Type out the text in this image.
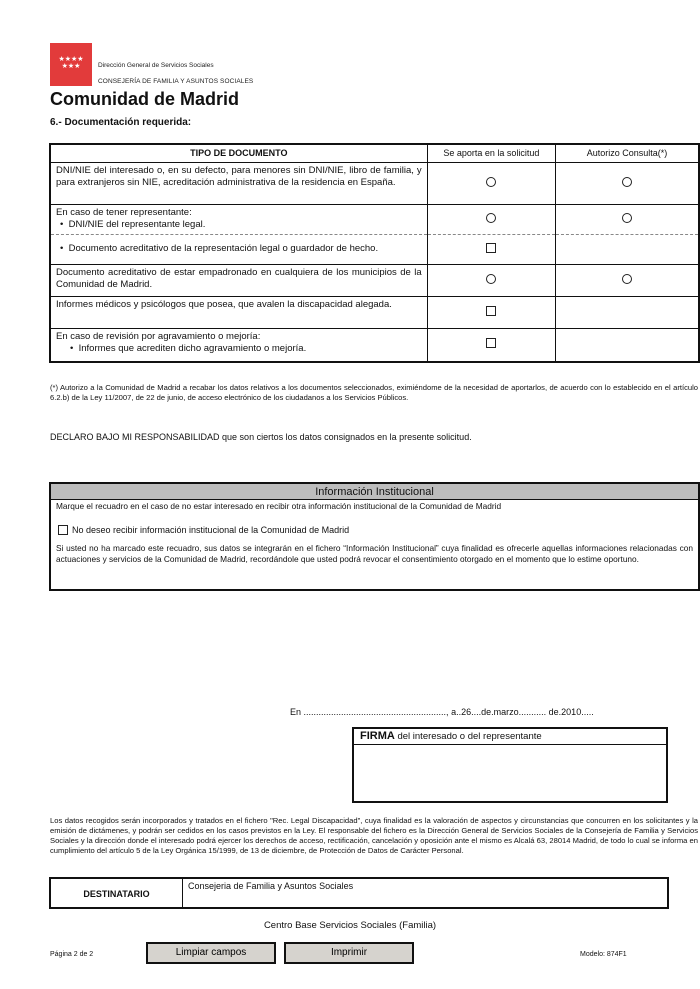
★★★★
★★★	Dirección General de Servicios Sociales
CONSEJERÍA DE FAMILIA Y ASUNTOS SOCIALES
Comunidad de Madrid
6.- Documentación requerida:
TIPO DE DOCUMENTO	Se aporta en la solicitud	Autorizo Consulta(*)
DNI/NIE del interesado o, en su defecto, para menores sin DNI/NIE, libro de familia, y para extranjeros sin NIE, acreditación administrativa de la residencia en España.		

En caso de tener representante:
• DNI/NIE del representante legal.		

• Documento acreditativo de la representación legal o guardador de hecho.		

Documento acreditativo de estar empadronado en cualquiera de los municipios de la Comunidad de Madrid.		
Informes médicos y psicólogos que posea, que avalen la discapacidad alegada.		

En caso de revisión por agravamiento o mejoría:
• Informes que acrediten dicho agravamiento o mejoría.		

(*) Autorizo a la Comunidad de Madrid a recabar los datos relativos a los documentos seleccionados, eximiéndome de la necesidad de aportarlos, de acuerdo con lo establecido en el artículo 6.2.b) de la Ley 11/2007, de 22 de junio, de acceso electrónico de los ciudadanos a los Servicios Públicos.
DECLARO BAJO MI RESPONSABILIDAD que son ciertos los datos consignados en la presente solicitud.
Información Institucional
Marque el recuadro en el caso de no estar interesado en recibir otra información institucional de la Comunidad de Madrid
No deseo recibir información institucional de la Comunidad de Madrid
Si usted no ha marcado este recuadro, sus datos se integrarán en el fichero “Información Institucional” cuya finalidad es ofrecerle aquellas informaciones relacionadas con actuaciones y servicios de la Comunidad de Madrid, recordándole que usted podrá revocar el consentimiento otorgado en el momento que lo estime oportuno.
En ........................................................., a..26....de.marzo........... de.2010.....
FIRMA del interesado o del representante
Los datos recogidos serán incorporados y tratados en el fichero "Rec. Legal Discapacidad", cuya finalidad es la valoración de aspectos y circunstancias que concurren en los solicitantes y la emisión de dictámenes, y podrán ser cedidos en los casos previstos en la Ley. El responsable del fichero es la Dirección General de Servicios Sociales de la Consejería de Familia y Servicios Sociales y la dirección donde el interesado podrá ejercer los derechos de acceso, rectificación, cancelación y oposición ante el mismo es Alcalá 63, 28014 Madrid, de todo lo cual se informa en cumplimiento del artículo 5 de la Ley Orgánica 15/1999, de 13 de diciembre, de Protección de Datos de Carácter Personal.
DESTINATARIO
Consejeria de Familia y Asuntos Sociales
Centro Base Servicios Sociales (Familia)
Página 2 de 2	Limpiar campos	Imprimir	Modelo: 874F1
